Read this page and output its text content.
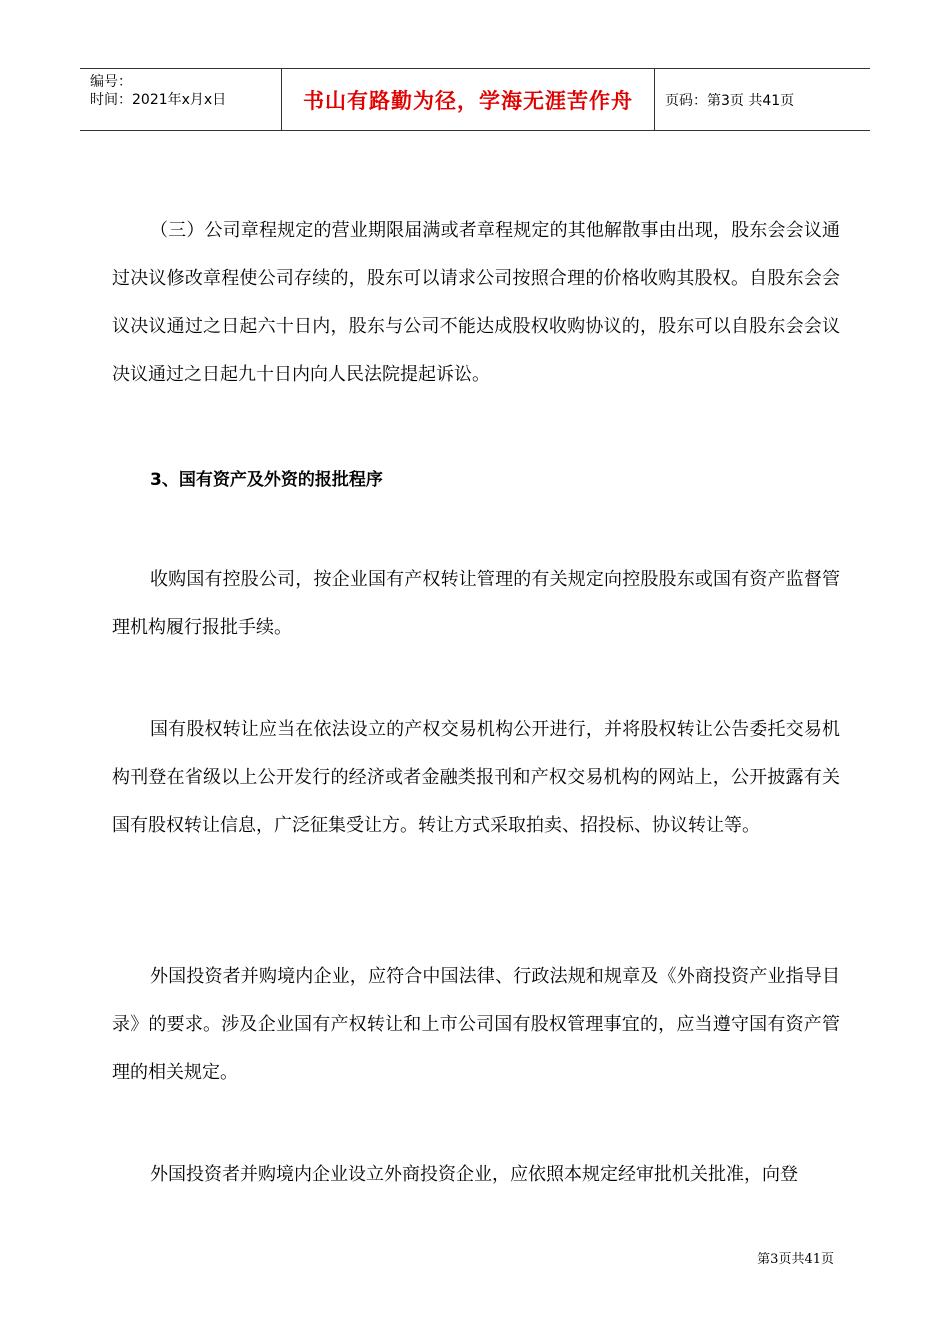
编号：
时间：2021年x月x日	书山有路勤为径，学海无涯苦作舟	页码：第3页 共41页

（三）公司章程规定的营业期限届满或者章程规定的其他解散事由出现，股东会会议通过决议修改章程使公司存续的，股东可以请求公司按照合理的价格收购其股权。自股东会会议决议通过之日起六十日内，股东与公司不能达成股权收购协议的，股东可以自股东会会议决议通过之日起九十日内向人民法院提起诉讼。

3、国有资产及外资的报批程序

收购国有控股公司，按企业国有产权转让管理的有关规定向控股股东或国有资产监督管理机构履行报批手续。

国有股权转让应当在依法设立的产权交易机构公开进行，并将股权转让公告委托交易机构刊登在省级以上公开发行的经济或者金融类报刊和产权交易机构的网站上，公开披露有关国有股权转让信息，广泛征集受让方。转让方式采取拍卖、招投标、协议转让等。

外国投资者并购境内企业，应符合中国法律、行政法规和规章及《外商投资产业指导目录》的要求。涉及企业国有产权转让和上市公司国有股权管理事宜的，应当遵守国有资产管理的相关规定。

外国投资者并购境内企业设立外商投资企业，应依照本规定经审批机关批准，向登

第3页共41页
